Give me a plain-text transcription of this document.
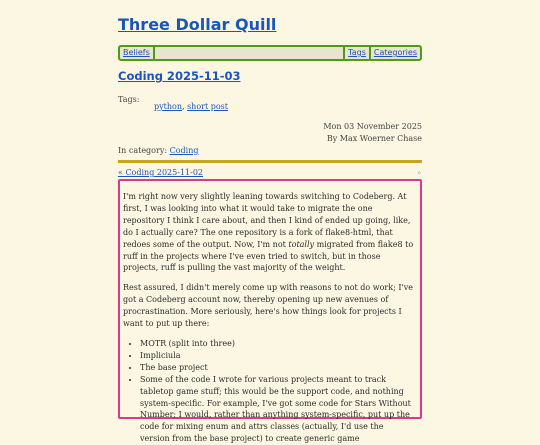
Three Dollar Quill
Beliefs	Tags	Categories
Coding 2025-11-03
Tags:
python, short post
Mon 03 November 2025
By Max Woerner Chase
In category: Coding
« Coding 2025-11-02	»

I'm right now very slightly leaning towards switching to Codeberg. At first, I was looking into what it would take to migrate the one repository I think I care about, and then I kind of ended up going, like, do I actually care? The one repository is a fork of flake8-html, that redoes some of the output. Now, I'm not totally migrated from flake8 to ruff in the projects where I've even tried to switch, but in those projects, ruff is pulling the vast majority of the weight.

Rest assured, I didn't merely come up with reasons to not do work; I've got a Codeberg account now, thereby opening up new avenues of procrastination. More seriously, here's how things look for projects I want to put up there:

• MOTR (split into three)
• Impliciula
• The base project
• Some of the code I wrote for various projects meant to track tabletop game stuff; this would be the support code, and nothing system-specific. For example, I've got some code for Stars Without Number; I would, rather than anything system-specific, put up the code for mixing enum and attrs classes (actually, I'd use the version from the base project) to create generic game
